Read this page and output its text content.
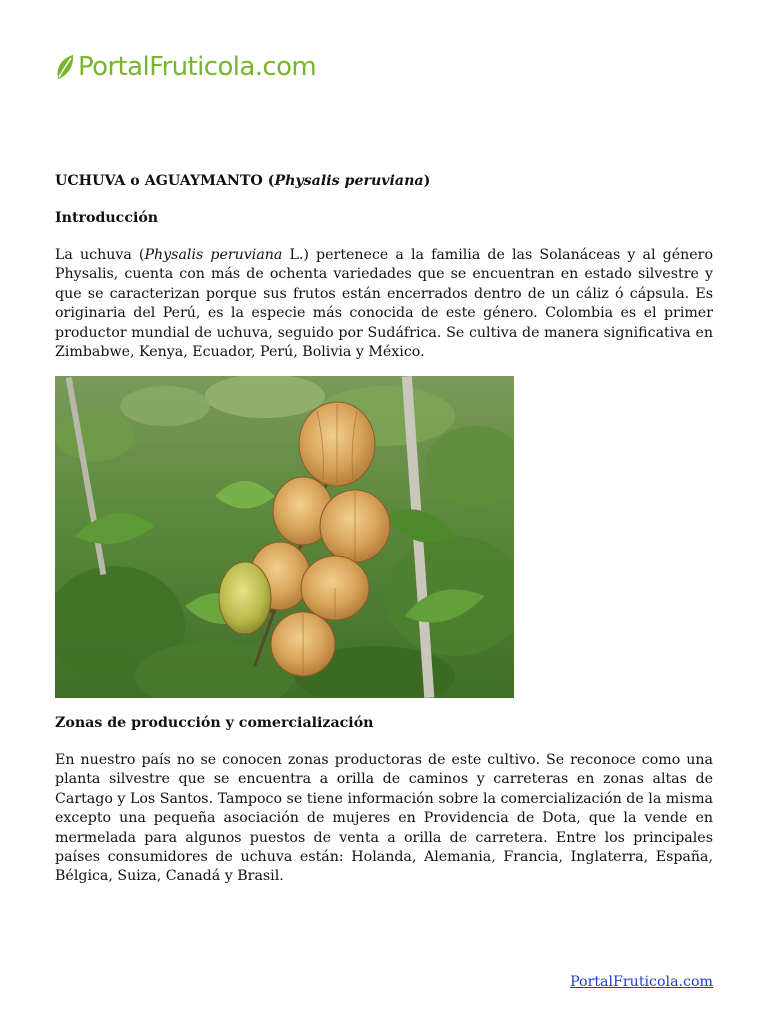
PortalFruticola.com

UCHUVA o AGUAYMANTO (Physalis peruviana)

Introducción

La uchuva (Physalis peruviana L.) pertenece a la familia de las Solanáceas y al género Physalis, cuenta con más de ochenta variedades que se encuentran en estado silvestre y que se caracterizan porque sus frutos están encerrados dentro de un cáliz ó cápsula. Es originaria del Perú, es la especie más conocida de este género. Colombia es el primer productor mundial de uchuva, seguido por Sudáfrica. Se cultiva de manera significativa en Zimbabwe, Kenya, Ecuador, Perú, Bolivia y México.

Zonas de producción y comercialización

En nuestro país no se conocen zonas productoras de este cultivo. Se reconoce como una planta silvestre que se encuentra a orilla de caminos y carreteras en zonas altas de Cartago y Los Santos. Tampoco se tiene información sobre la comercialización de la misma excepto una pequeña asociación de mujeres en Providencia de Dota, que la vende en mermelada para algunos puestos de venta a orilla de carretera. Entre los principales países consumidores de uchuva están: Holanda, Alemania, Francia, Inglaterra, España, Bélgica, Suiza, Canadá y Brasil.

PortalFruticola.com
